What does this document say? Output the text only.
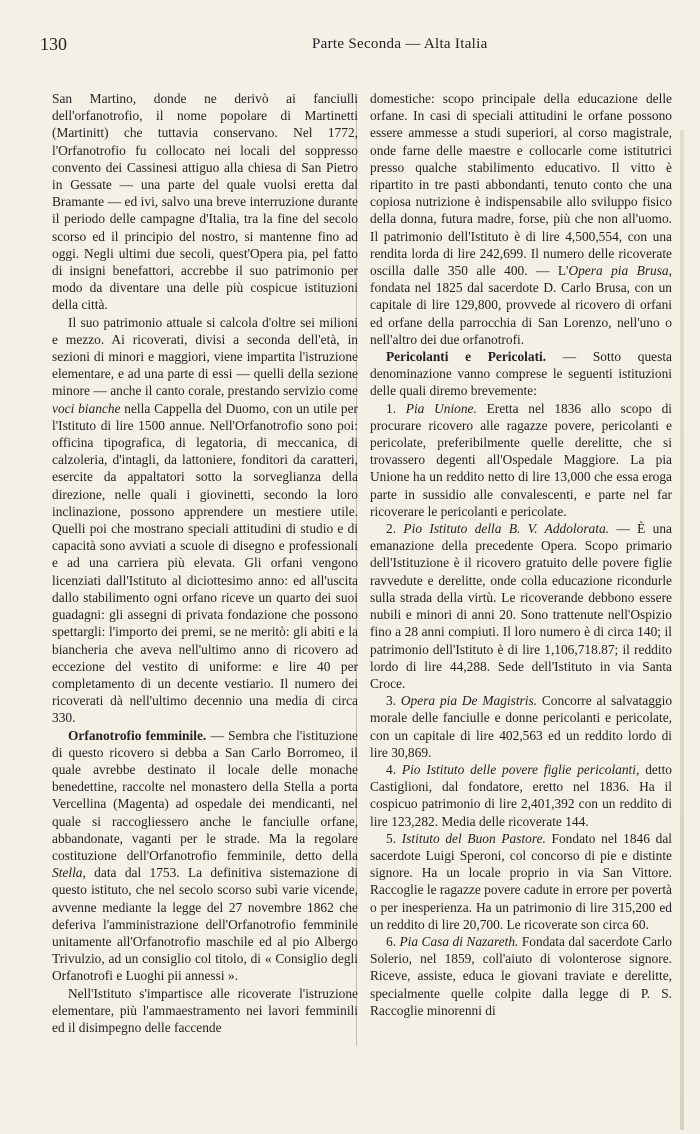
130	Parte Seconda — Alta Italia

San Martino, donde ne derivò ai fanciulli dell'orfanotrofio, il nome popolare di Martinetti (Martinitt) che tuttavia conservano. Nel 1772, l'Orfanotrofio fu collocato nei locali del soppresso convento dei Cassinesi attiguo alla chiesa di San Pietro in Gessate — una parte del quale vuolsi eretta dal Bramante — ed ivi, salvo una breve interruzione durante il periodo delle campagne d'Italia, tra la fine del secolo scorso ed il principio del nostro, si mantenne fino ad oggi. Negli ultimi due secoli, quest'Opera pia, pel fatto di insigni benefattori, accrebbe il suo patrimonio per modo da diventare una delle più cospicue istituzioni della città.

Il suo patrimonio attuale si calcola d'oltre sei milioni e mezzo. Ai ricoverati, divisi a seconda dell'età, in sezioni di minori e maggiori, viene impartita l'istruzione elementare, e ad una parte di essi — quelli della sezione minore — anche il canto corale, prestando servizio come voci bianche nella Cappella del Duomo, con un utile per l'Istituto di lire 1500 annue. Nell'Orfanotrofio sono poi: officina tipografica, di legatoria, di meccanica, di calzoleria, d'intagli, da lattoniere, fonditori da caratteri, esercite da appaltatori sotto la sorveglianza della direzione, nelle quali i giovinetti, secondo la loro inclinazione, possono apprendere un mestiere utile. Quelli poi che mostrano speciali attitudini di studio e di capacità sono avviati a scuole di disegno e professionali e ad una carriera più elevata. Gli orfani vengono licenziati dall'Istituto al diciottesimo anno: ed all'uscita dallo stabilimento ogni orfano riceve un quarto dei suoi guadagni: gli assegni di privata fondazione che possono spettargli: l'importo dei premi, se ne meritò: gli abiti e la biancheria che aveva nell'ultimo anno di ricovero ad eccezione del vestito di uniforme: e lire 40 per completamento di un decente vestiario. Il numero dei ricoverati dà nell'ultimo decennio una media di circa 330.

Orfanotrofio femminile. — Sembra che l'istituzione di questo ricovero si debba a San Carlo Borromeo, il quale avrebbe destinato il locale delle monache benedettine, raccolte nel monastero della Stella a porta Vercellina (Magenta) ad ospedale dei mendicanti, nel quale si raccogliessero anche le fanciulle orfane, abbandonate, vaganti per le strade. Ma la regolare costituzione dell'Orfanotrofio femminile, detto della Stella, data dal 1753. La definitiva sistemazione di questo istituto, che nel secolo scorso subì varie vicende, avvenne mediante la legge del 27 novembre 1862 che deferiva l'amministrazione dell'Orfanotrofio femminile unitamente all'Orfanotrofio maschile ed al pio Albergo Trivulzio, ad un consiglio col titolo, di « Consiglio degli Orfanotrofi e Luoghi pii annessi ».

Nell'Istituto s'impartisce alle ricoverate l'istruzione elementare, più l'ammaestramento nei lavori femminili ed il disimpegno delle faccende

domestiche: scopo principale della educazione delle orfane. In casi di speciali attitudini le orfane possono essere ammesse a studi superiori, al corso magistrale, onde farne delle maestre e collocarle come istitutrici presso qualche stabilimento educativo. Il vitto è ripartito in tre pasti abbondanti, tenuto conto che una copiosa nutrizione è indispensabile allo sviluppo fisico della donna, futura madre, forse, più che non all'uomo. Il patrimonio dell'Istituto è di lire 4,500,554, con una rendita lorda di lire 242,699. Il numero delle ricoverate oscilla dalle 350 alle 400. — L'Opera pia Brusa, fondata nel 1825 dal sacerdote D. Carlo Brusa, con un capitale di lire 129,800, provvede al ricovero di orfani ed orfane della parrocchia di San Lorenzo, nell'uno o nell'altro dei due orfanotrofi.

Pericolanti e Pericolati. — Sotto questa denominazione vanno comprese le seguenti istituzioni delle quali diremo brevemente:

1. Pia Unione. Eretta nel 1836 allo scopo di procurare ricovero alle ragazze povere, pericolanti e pericolate, preferibilmente quelle derelitte, che si trovassero degenti all'Ospedale Maggiore. La pia Unione ha un reddito netto di lire 13,000 che essa eroga parte in sussidio alle convalescenti, e parte nel far ricoverare le pericolanti e pericolate.

2. Pio Istituto della B. V. Addolorata. — È una emanazione della precedente Opera. Scopo primario dell'Istituzione è il ricovero gratuito delle povere figlie ravvedute e derelitte, onde colla educazione ricondurle sulla strada della virtù. Le ricoverande debbono essere nubili e minori di anni 20. Sono trattenute nell'Ospizio fino a 28 anni compiuti. Il loro numero è di circa 140; il patrimonio dell'Istituto è di lire 1,106,718.87; il reddito lordo di lire 44,288. Sede dell'Istituto in via Santa Croce.

3. Opera pia De Magistris. Concorre al salvataggio morale delle fanciulle e donne pericolanti e pericolate, con un capitale di lire 402,563 ed un reddito lordo di lire 30,869.

4. Pio Istituto delle povere figlie pericolanti, detto Castiglioni, dal fondatore, eretto nel 1836. Ha il cospicuo patrimonio di lire 2,401,392 con un reddito di lire 123,282. Media delle ricoverate 144.

5. Istituto del Buon Pastore. Fondato nel 1846 dal sacerdote Luigi Speroni, col concorso di pie e distinte signore. Ha un locale proprio in via San Vittore. Raccoglie le ragazze povere cadute in errore per povertà o per inesperienza. Ha un patrimonio di lire 315,200 ed un reddito di lire 20,700. Le ricoverate son circa 60.

6. Pia Casa di Nazareth. Fondata dal sacerdote Carlo Solerio, nel 1859, coll'aiuto di volonterose signore. Riceve, assiste, educa le giovani traviate e derelitte, specialmente quelle colpite dalla legge di P. S. Raccoglie minorenni di
